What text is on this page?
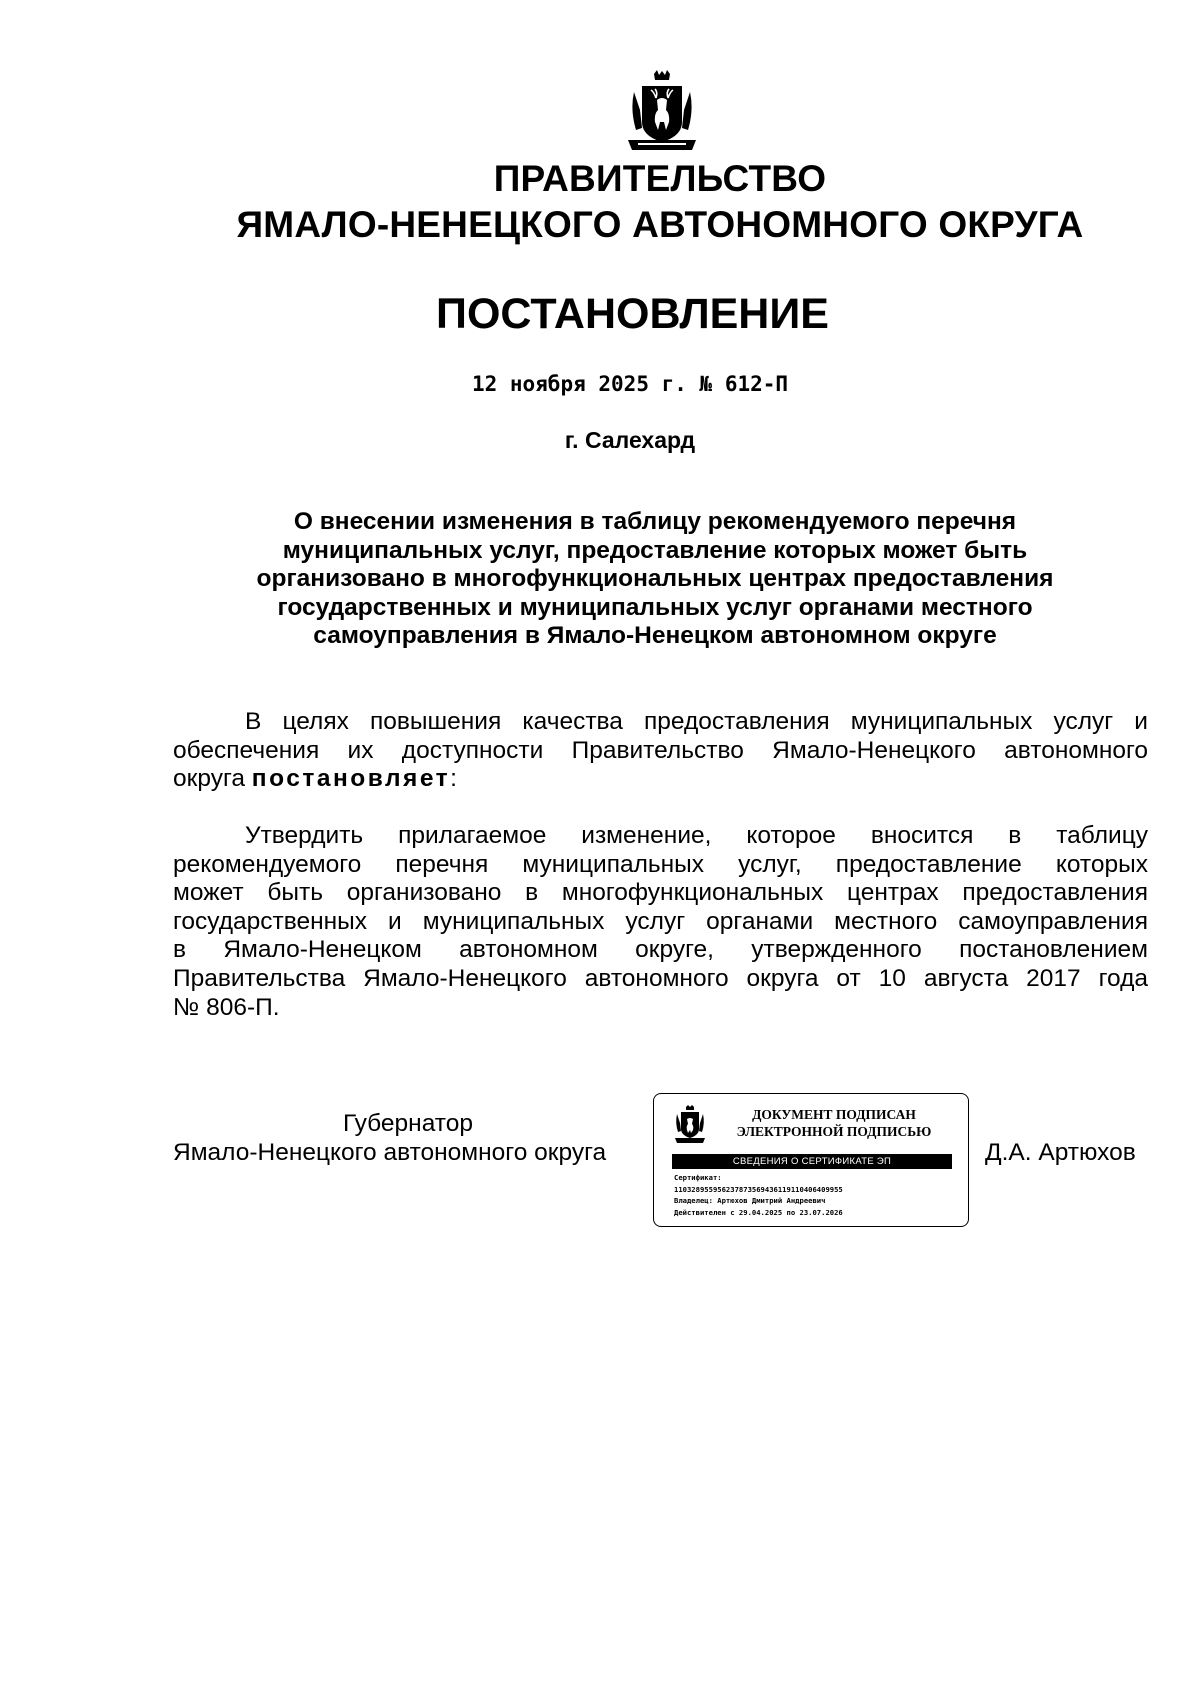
ЯМАЛО-НЕНЕЦКОГО АВТОНОМНОГО ОКРУГА
ПРАВИТЕЛЬСТВО
ПОСТАНОВЛЕНИЕ
12 ноября 2025 г. № 612-П
г. Салехард
О внесении изменения в таблицу рекомендуемого перечня
муниципальных услуг, предоставление которых может быть
организовано в многофункциональных центрах предоставления
государственных и муниципальных услуг органами местного
самоуправления в Ямало-Ненецком автономном округе
В целях повышения качества предоставления муниципальных услуг и
обеспечения их доступности Правительство Ямало-Ненецкого автономного
округа постановляет:
Утвердить прилагаемое изменение, которое вносится в таблицу
рекомендуемого перечня муниципальных услуг, предоставление которых
может быть организовано в многофункциональных центрах предоставления
государственных и муниципальных услуг органами местного самоуправления
в Ямало-Ненецком автономном округе, утвержденного постановлением
Правительства Ямало-Ненецкого автономного округа от 10 августа 2017 года
№ 806-П.
Губернатор
Ямало-Ненецкого автономного округа
ДОКУМЕНТ ПОДПИСАН
ЭЛЕКТРОННОЙ ПОДПИСЬЮ
СВЕДЕНИЯ О СЕРТИФИКАТЕ ЭП
Сертификат:
110328955956237873569436119110406409955
Владелец: Артюхов Дмитрий Андреевич
Действителен с 29.04.2025 по 23.07.2026
Д.А. Артюхов
